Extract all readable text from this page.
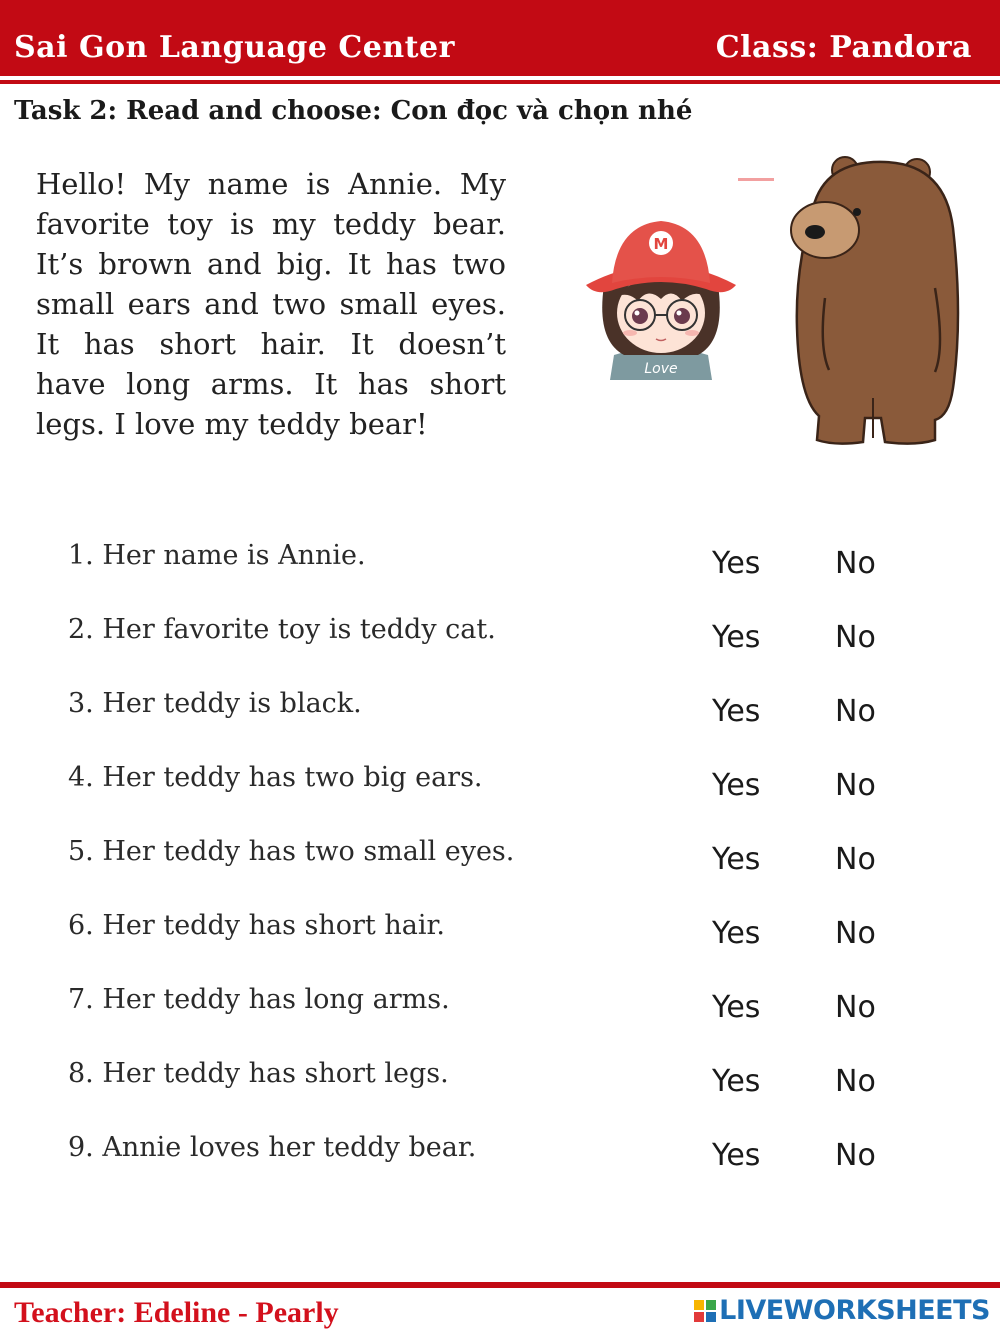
Sai Gon Language Center	Class: Pandora
Task 2: Read and choose: Con đọc và chọn nhé
Hello! My name is Annie. My favorite toy is my teddy bear. It’s brown and big. It has two small ears and two small eyes. It has short hair. It doesn’t have long arms. It has short legs. I love my teddy bear!
Love
M
1. Her name is Annie.	Yes No
2. Her favorite toy is teddy cat.	Yes No
3. Her teddy is black.	Yes No
4. Her teddy has two big ears.	Yes No
5. Her teddy has two small eyes.	Yes No
6. Her teddy has short hair.	Yes No
7. Her teddy has long arms.	Yes No
8. Her teddy has short legs.	Yes No
9. Annie loves her teddy bear.	Yes No
Teacher: Edeline - Pearly	LIVEWORKSHEETS
